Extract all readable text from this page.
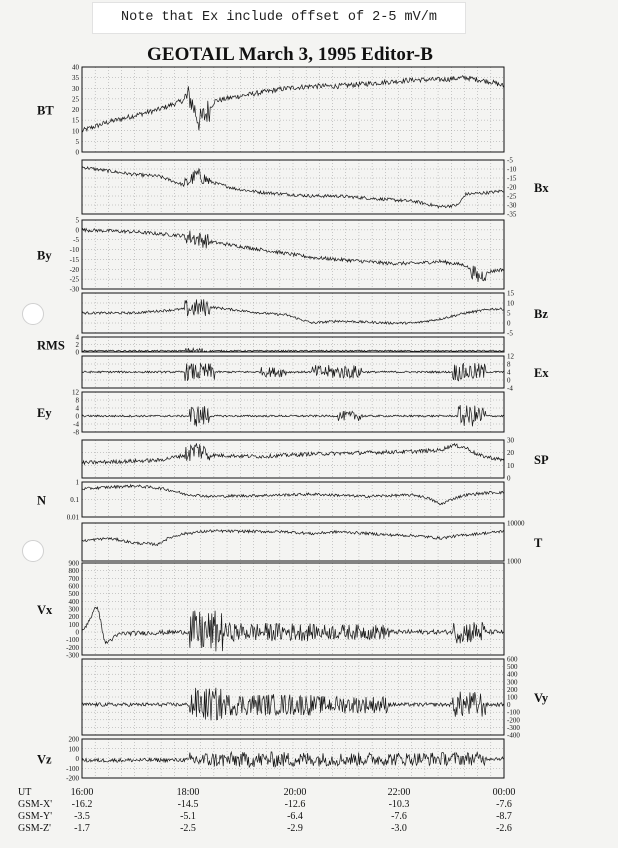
Note that Ex include offset of 2-5 mV/m
GEOTAIL March 3, 1995 Editor-B
40
35
30
25
20
15
10
5
0
BT
-5
-10
-15
-20
-25
-30
-35
Bx
5
0
-5
-10
-15
-20
-25
-30
By
15
10
5
0
-5
Bz
4
2
0
RMS
12
8
4
0
-4
Ex
12
8
4
0
-4
-8
Ey
30
20
10
0
SP
1
0.1
0.01
N
10000
1000
T
900
800
700
600
500
400
300
200
100
0
-100
-200
-300
Vx
600
500
400
300
200
100
0
-100
-200
-300
-400
Vy
200
100
0
-100
-200
Vz
UT	16:00	18:00	20:00	22:00	00:00
GSM-X'	-16.2	-14.5	-12.6	-10.3	-7.6
GSM-Y'	-3.5	-5.1	-6.4	-7.6	-8.7
GSM-Z'	-1.7	-2.5	-2.9	-3.0	-2.6
